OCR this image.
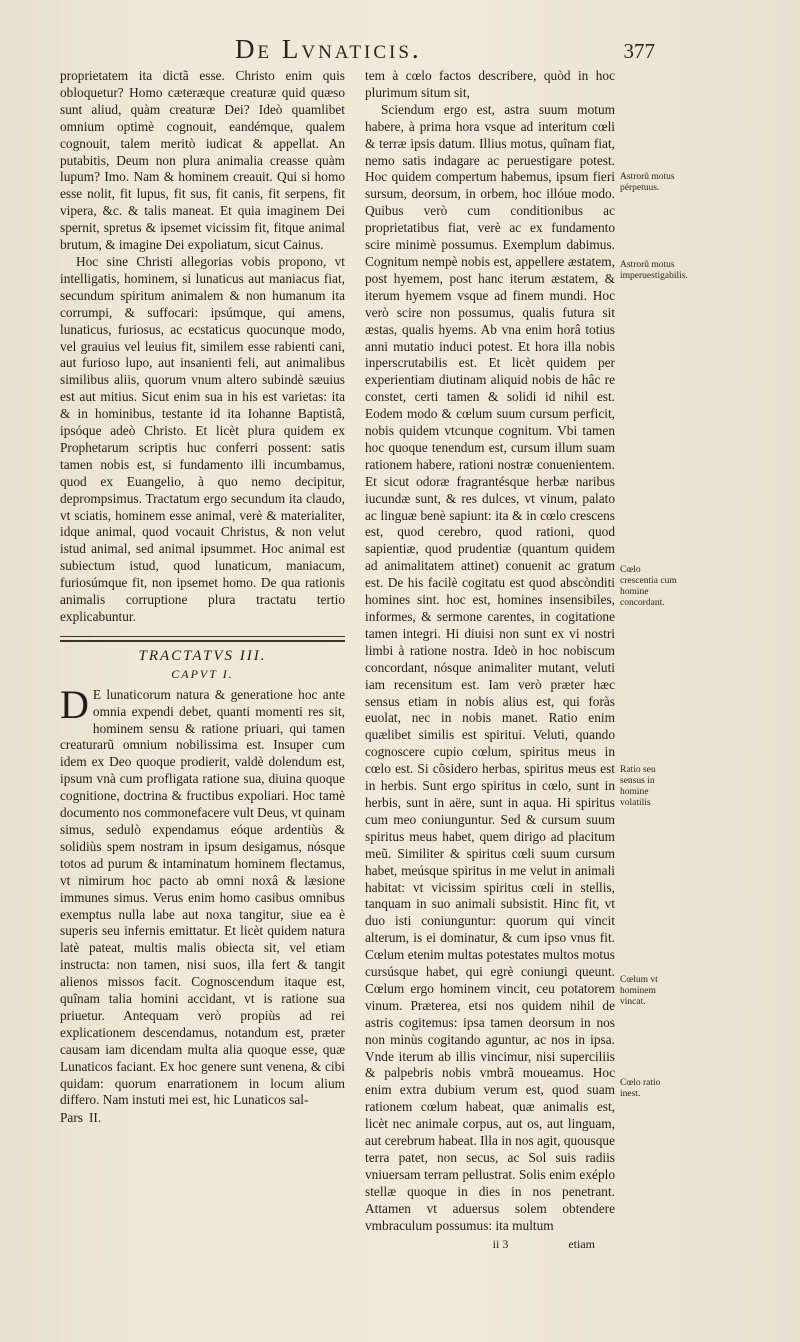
De Lvnaticis.	377

proprietatem ita dictã esse. Christo enim quis obloquetur? Homo cæteræque creaturæ quid quæso sunt aliud, quàm creaturæ Dei? Ideò quamlibet omnium optimè cognouit, eandémque, qualem cognouit, talem meritò iudicat & appellat. An putabitis, Deum non plura animalia creasse quàm lupum? Imo. Nam & hominem creauit. Qui si homo esse nolit, fit lupus, fit sus, fit canis, fit serpens, fit vipera, &c. & talis maneat. Et quia imaginem Dei spernit, spretus & ipsemet vicissim fit, fitque animal brutum, & imagine Dei expoliatum, sicut Cainus.

Hoc sine Christi allegorias vobis propono, vt intelligatis, hominem, si lunaticus aut maniacus fiat, secundum spiritum animalem & non humanum ita corrumpi, & suffocari: ipsúmque, qui amens, lunaticus, furiosus, ac ecstaticus quocunque modo, vel grauius vel leuius fit, similem esse rabienti cani, aut furioso lupo, aut insanienti feli, aut animalibus similibus aliis, quorum vnum altero subindè sæuius est aut mitius. Sicut enim sua in his est varietas: ita & in hominibus, testante id ita Iohanne Baptistâ, ipsóque adeò Christo. Et licèt plura quidem ex Prophetarum scriptis huc conferri possent: satis tamen nobis est, si fundamento illi incumbamus, quod ex Euangelio, à quo nemo decipitur, deprompsimus. Tractatum ergo secundum ita claudo, vt sciatis, hominem esse animal, verè & materialiter, idque animal, quod vocauit Christus, & non velut istud animal, sed animal ipsummet. Hoc animal est subiectum istud, quod lunaticum, maniacum, furiosúmque fit, non ipsemet homo. De qua rationis animalis corruptione plura tractatu tertio explicabuntur.

TRACTATVS III.
CAPVT I.

D E lunaticorum natura & generatione hoc ante omnia expendi debet, quanti momenti res sit, hominem sensu & ratione priuari, qui tamen creaturarũ omnium nobilissima est. Insuper cum idem ex Deo quoque prodierit, valdè dolendum est, ipsum vnà cum profligata ratione sua, diuina quoque cognitione, doctrina & fructibus expoliari. Hoc tamè documento nos commonefacere vult Deus, vt quinam simus, sedulò expendamus eóque ardentiùs & solidiùs spem nostram in ipsum desigamus, nósque totos ad purum & intaminatum hominem flectamus, vt nimirum hoc pacto ab omni noxâ & læsione immunes simus. Verus enim homo casibus omnibus exemptus nulla labe aut noxa tangitur, siue ea è superis seu infernis emittatur. Et licèt quidem natura latè pateat, multis malis obiecta sit, vel etiam instructa: non tamen, nisi suos, illa fert & tangit alienos missos facit. Cognoscendum itaque est, quînam talia homini accidant, vt is ratione sua priuetur. Antequam verò propiùs ad rei explicationem descendamus, notandum est, præter causam iam dicendam multa alia quoque esse, quæ Lunaticos faciant. Ex hoc genere sunt venena, & cibi quidam: quorum enarrationem in locum alium differo. Nam instuti mei est, hic Lunaticos sal-

Pars II.

tem à cœlo factos describere, quòd in hoc plurimum situm sit,

Sciendum ergo est, astra suum motum habere, à prima hora vsque ad interitum cœli & terræ ipsis datum. Illius motus, quînam fiat, nemo satis indagare ac peruestigare potest. Hoc quidem compertum habemus, ipsum fieri sursum, deorsum, in orbem, hoc illóue modo. Quibus verò cum conditionibus ac proprietatibus fiat, verè ac ex fundamento scire minimè possumus. Exemplum dabimus. Cognitum nempè nobis est, appellere æstatem, post hyemem, post hanc iterum æstatem, & iterum hyemem vsque ad finem mundi. Hoc verò scire non possumus, qualis futura sit æstas, qualis hyems. Ab vna enim horâ totius anni mutatio induci potest. Et hora illa nobis inperscrutabilis est. Et licèt quidem per experientiam diutinam aliquid nobis de hâc re constet, certi tamen & solidi id nihil est. Eodem modo & cœlum suum cursum perficit, nobis quidem vtcunque cognitum. Vbi tamen hoc quoque tenendum est, cursum illum suam rationem habere, rationi nostræ conuenientem. Et sicut odoræ fragrantésque herbæ naribus iucundæ sunt, & res dulces, vt vinum, palato ac linguæ benè sapiunt: ita & in cœlo crescens est, quod cerebro, quod rationi, quod sapientiæ, quod prudentiæ (quantum quidem ad animalitatem attinet) conuenit ac gratum est. De his facilè cogitatu est quod abscònditi homines sint. hoc est, homines insensibiles, informes, & sermone carentes, in cogitatione tamen integri. Hi diuisi non sunt ex vi nostri limbi à ratione nostra. Ideò in hoc nobiscum concordant, nósque animaliter mutant, veluti iam recensitum est. Iam verò præter hæc sensus etiam in nobis alius est, qui foràs euolat, nec in nobis manet. Ratio enim quælibet similis est spiritui. Veluti, quando cognoscere cupio cœlum, spiritus meus in cœlo est. Si cõsidero herbas, spiritus meus est in herbis. Sunt ergo spiritus in cœlo, sunt in herbis, sunt in aëre, sunt in aqua. Hi spiritus cum meo coniunguntur. Sed & cursum suum spiritus meus habet, quem dirigo ad placitum meũ. Similiter & spiritus cœli suum cursum habet, meúsque spiritus in me velut in animali habitat: vt vicissim spiritus cœli in stellis, tanquam in suo animali subsistit. Hinc fit, vt duo isti coniunguntur: quorum qui vincit alterum, is ei dominatur, & cum ipso vnus fit. Cœlum etenim multas potestates multos motus cursúsque habet, qui egrè coniungi queunt. Cœlum ergo hominem vincit, ceu potatorem vinum. Præterea, etsi nos quidem nihil de astris cogitemus: ipsa tamen deorsum in nos non minùs cogitando aguntur, ac nos in ipsa. Vnde iterum ab illis vincimur, nisi superciliis & palpebris nobis vmbrã moueamus. Hoc enim extra dubium verum est, quod suam rationem cœlum habeat, quæ animalis est, licèt nec animale corpus, aut os, aut linguam, aut cerebrum habeat. Illa in nos agit, quousque terra patet, non secus, ac Sol suis radiis vniuersam terram pellustrat. Solis enim exéplo stellæ quoque in dies in nos penetrant. Attamen vt aduersus solem obtendere vmbraculum possumus: ita multum

ii 3	etiam
Astrorũ motus pérpetuus.
Astrorũ motus imperuestigabilis.
Cœlo crescentia cum homine concordant.
Ratio seu sensus in homine volatilis
Cœlum vt hominem vincat.
Cœlo ratio inest.
